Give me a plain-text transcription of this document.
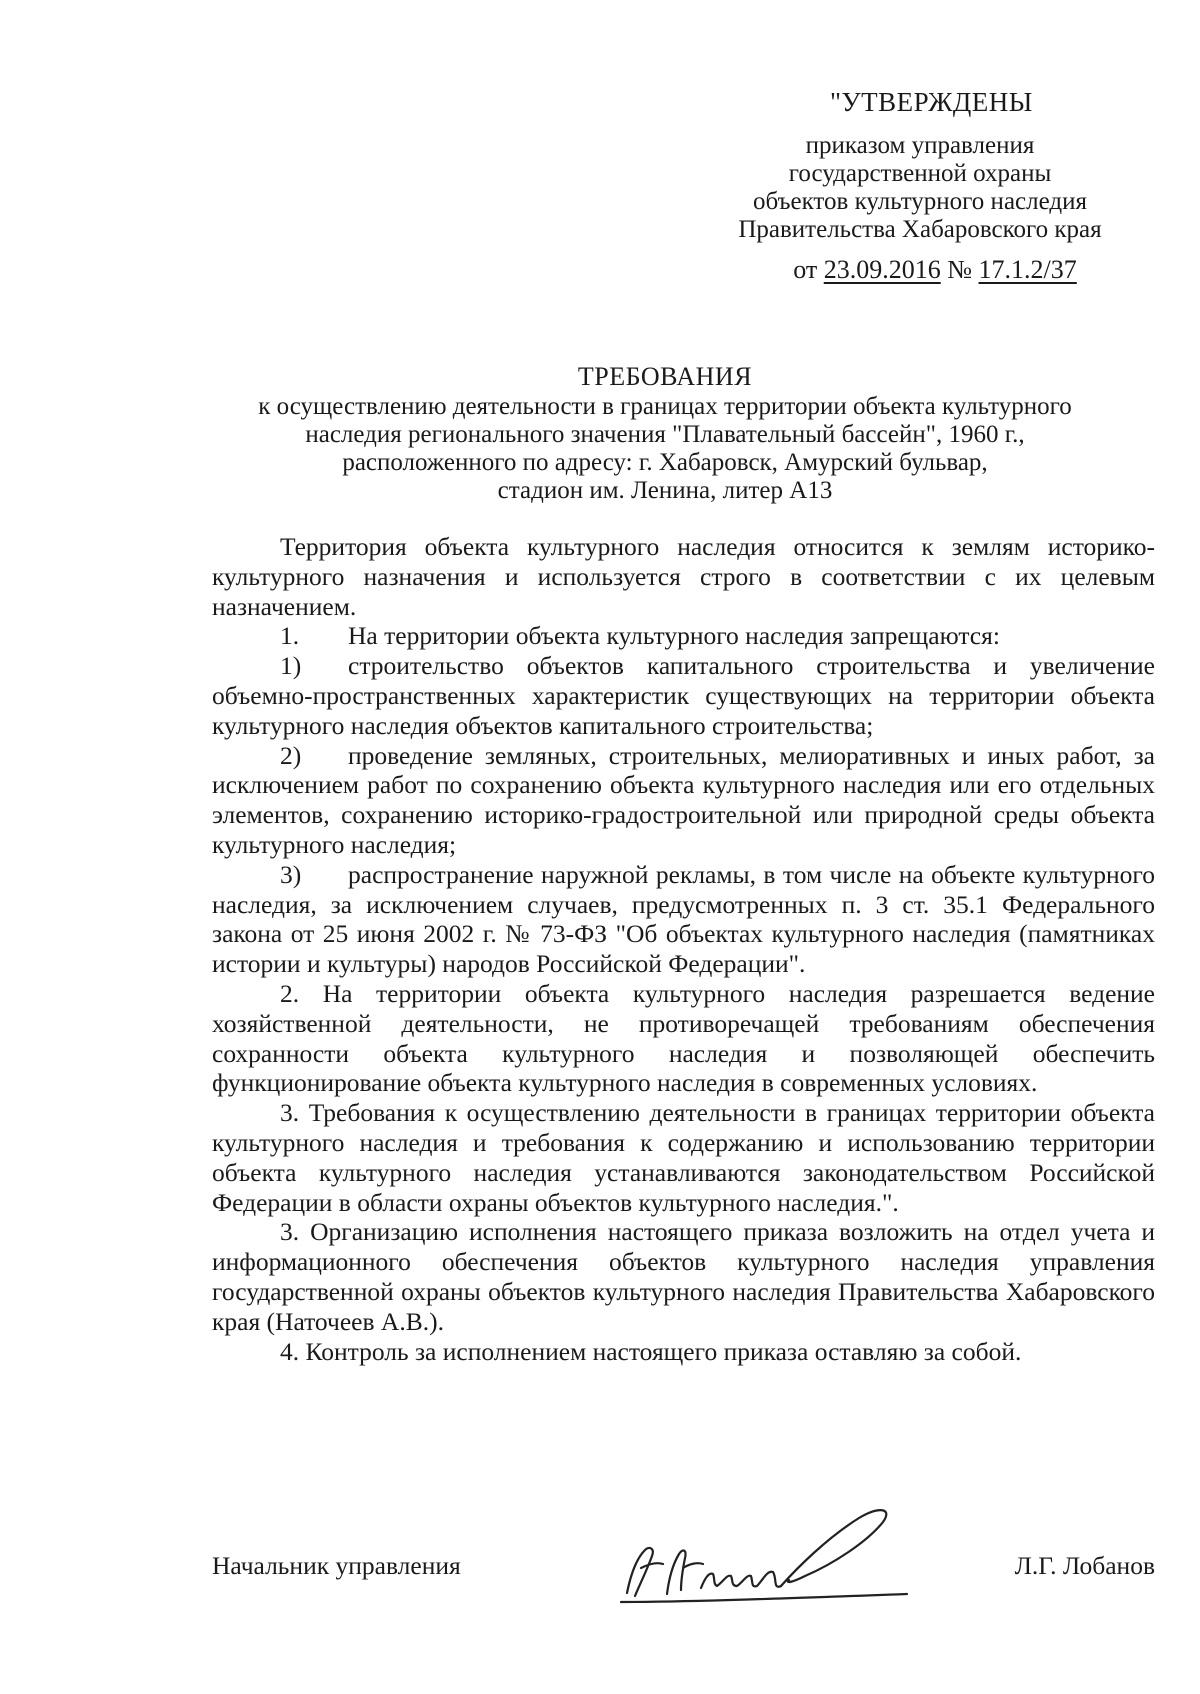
"УТВЕРЖДЕНЫ
приказом управления
государственной охраны
объектов культурного наследия
Правительства Хабаровского края
от 23.09.2016 № 17.1.2/37
ТРЕБОВАНИЯ
к осуществлению деятельности в границах территории объекта культурного
наследия регионального значения "Плавательный бассейн", 1960 г.,
расположенного по адресу: г. Хабаровск, Амурский бульвар,
стадион им. Ленина, литер А13

Территория объекта культурного наследия относится к землям историко-культурного назначения и используется строго в соответствии с их целевым назначением.

1. На территории объекта культурного наследия запрещаются:

1) строительство объектов капитального строительства и увеличение объемно-пространственных характеристик существующих на территории объекта культурного наследия объектов капитального строительства;

2) проведение земляных, строительных, мелиоративных и иных работ, за исключением работ по сохранению объекта культурного наследия или его отдельных элементов, сохранению историко-градостроительной или природной среды объекта культурного наследия;

3) распространение наружной рекламы, в том числе на объекте культурного наследия, за исключением случаев, предусмотренных п. 3 ст. 35.1 Федерального закона от 25 июня 2002 г. № 73-ФЗ "Об объектах культурного наследия (памятниках истории и культуры) народов Российской Федерации".

2. На территории объекта культурного наследия разрешается ведение хозяйственной деятельности, не противоречащей требованиям обеспечения сохранности объекта культурного наследия и позволяющей обеспечить функционирование объекта культурного наследия в современных условиях.

3. Требования к осуществлению деятельности в границах территории объекта культурного наследия и требования к содержанию и использованию территории объекта культурного наследия устанавливаются законодательством Российской Федерации в области охраны объектов культурного наследия.".

3. Организацию исполнения настоящего приказа возложить на отдел учета и информационного обеспечения объектов культурного наследия управления государственной охраны объектов культурного наследия Правительства Хабаровского края (Наточеев А.В.).

4. Контроль за исполнением настоящего приказа оставляю за собой.

Начальник управления	Л.Г. Лобанов
